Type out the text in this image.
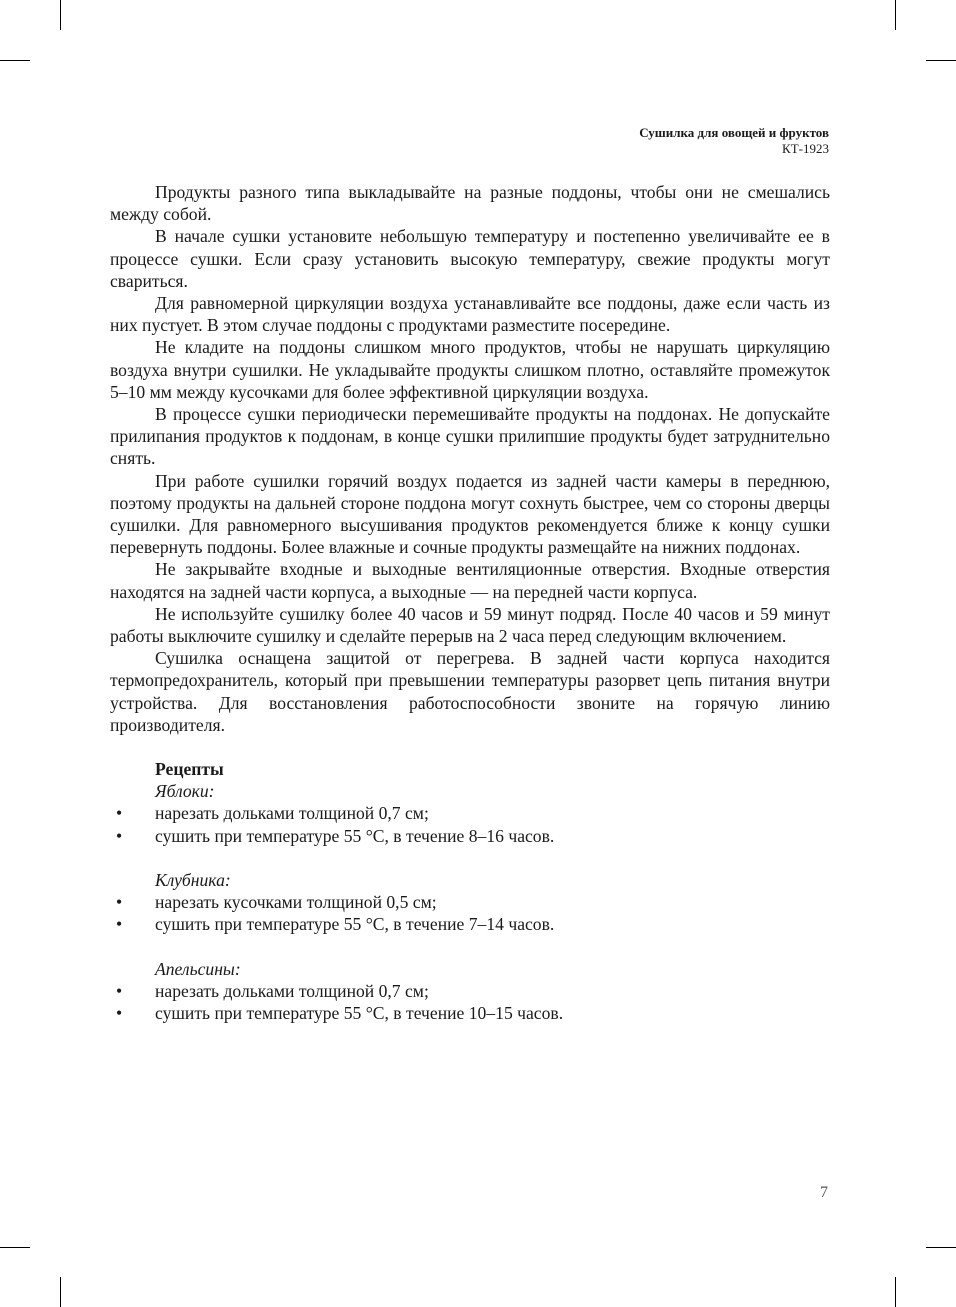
Сушилка для овощей и фруктов
КТ-1923

Продукты разного типа выкладывайте на разные поддоны, чтобы они не смешались между собой.

В начале сушки установите небольшую температуру и постепенно увеличивайте ее в процессе сушки. Если сразу установить высокую температуру, свежие продукты могут свариться.

Для равномерной циркуляции воздуха устанавливайте все поддоны, даже если часть из них пустует. В этом случае поддоны с продуктами разместите посередине.

Не кладите на поддоны слишком много продуктов, чтобы не нарушать циркуляцию воздуха внутри сушилки. Не укладывайте продукты слишком плотно, оставляйте промежуток 5–10 мм между кусочками для более эффективной циркуляции воздуха.

В процессе сушки периодически перемешивайте продукты на поддонах. Не допускайте прилипания продуктов к поддонам, в конце сушки прилипшие продукты будет затруднительно снять.

При работе сушилки горячий воздух подается из задней части камеры в переднюю, поэтому продукты на дальней стороне поддона могут сохнуть быстрее, чем со стороны дверцы сушилки. Для равномерного высушивания продуктов рекомендуется ближе к концу сушки перевернуть поддоны. Более влажные и сочные продукты размещайте на нижних поддонах.

Не закрывайте входные и выходные вентиляционные отверстия. Входные отверстия находятся на задней части корпуса, а выходные — на передней части корпуса.

Не используйте сушилку более 40 часов и 59 минут подряд. После 40 часов и 59 минут работы выключите сушилку и сделайте перерыв на 2 часа перед следующим включением.

Сушилка оснащена защитой от перегрева. В задней части корпуса находится термопредохранитель, который при превышении температуры разорвет цепь питания внутри устройства. Для восстановления работоспособности звоните на горячую линию производителя.

Рецепты
Яблоки:
• нарезать дольками толщиной 0,7 см;
• сушить при температуре 55 °С, в течение 8–16 часов.
Клубника:
• нарезать кусочками толщиной 0,5 см;
• сушить при температуре 55 °С, в течение 7–14 часов.
Апельсины:
• нарезать дольками толщиной 0,7 см;
• сушить при температуре 55 °С, в течение 10–15 часов.
7
